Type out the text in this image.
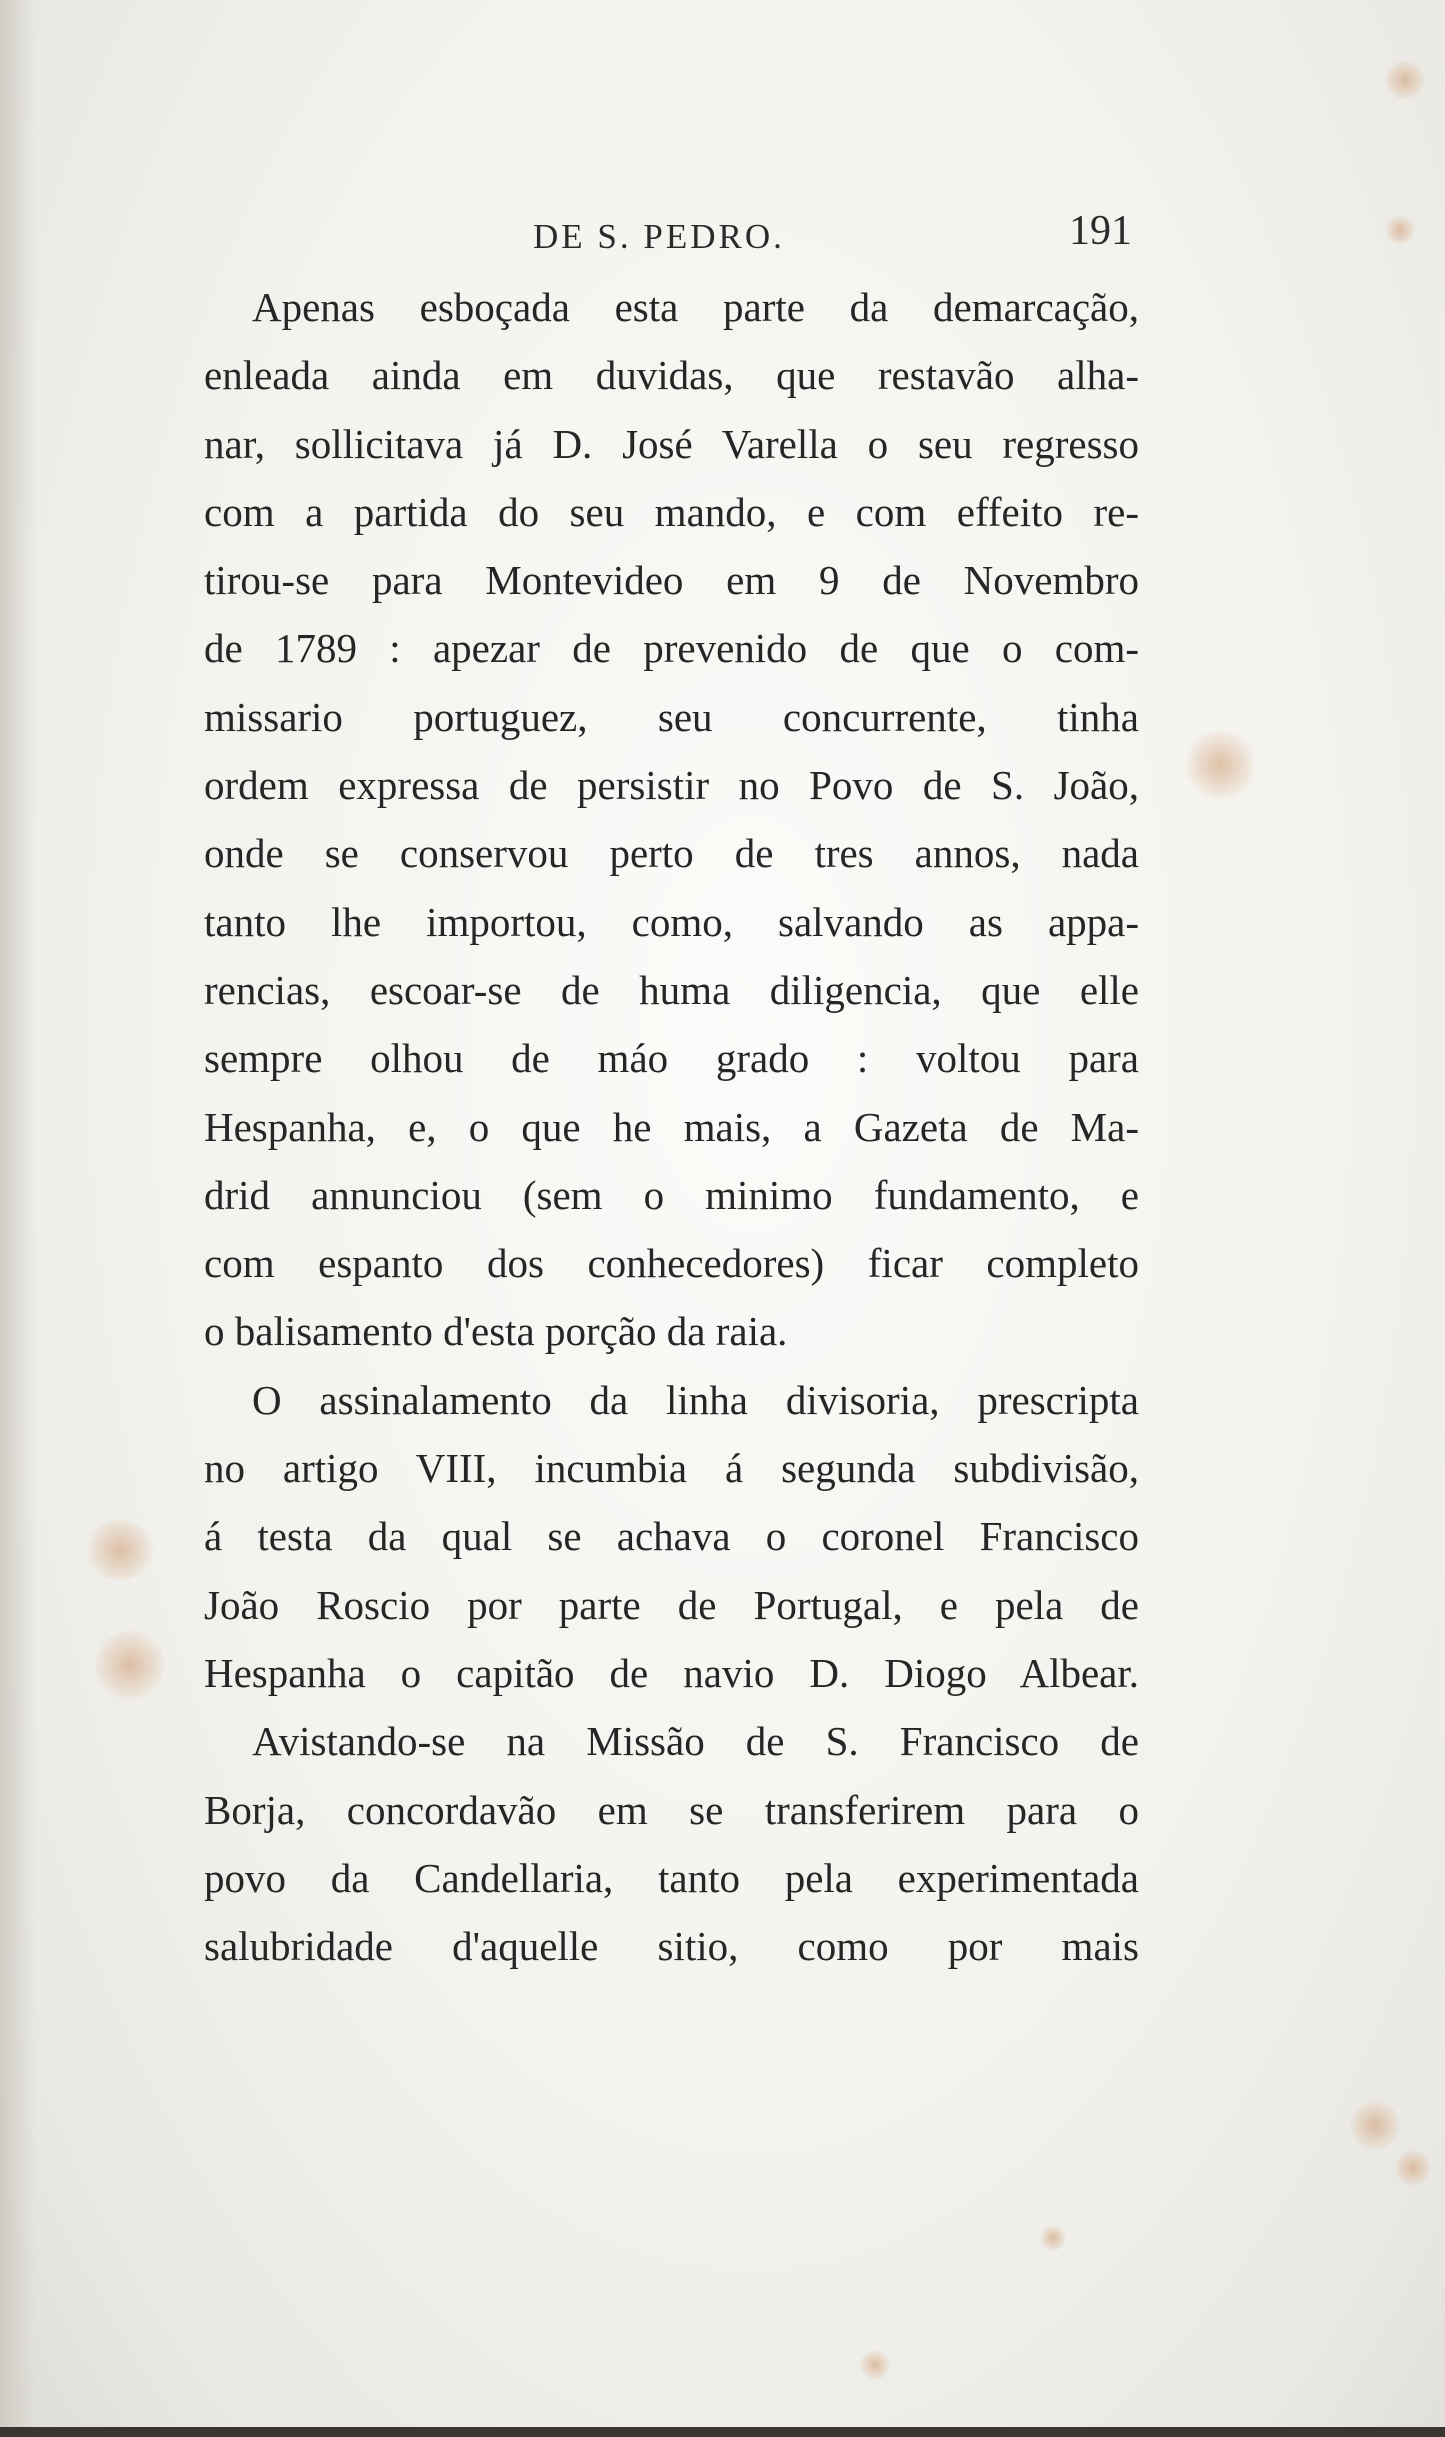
DE S. PEDRO.	191
Apenas esboçada esta parte da demarcação,
enleada ainda em duvidas, que restavão alha-
nar, sollicitava já D. José Varella o seu regresso
com a partida do seu mando, e com effeito re-
tirou-se para Montevideo em 9 de Novembro
de 1789 : apezar de prevenido de que o com-
missario portuguez, seu concurrente, tinha
ordem expressa de persistir no Povo de S. João,
onde se conservou perto de tres annos, nada
tanto lhe importou, como, salvando as appa-
rencias, escoar-se de huma diligencia, que elle
sempre olhou de máo grado : voltou para
Hespanha, e, o que he mais, a Gazeta de Ma-
drid annunciou (sem o minimo fundamento, e
com espanto dos conhecedores) ficar completo
o balisamento d'esta porção da raia.
O assinalamento da linha divisoria, prescripta
no artigo VIII, incumbia á segunda subdivisão,
á testa da qual se achava o coronel Francisco
João Roscio por parte de Portugal, e pela de
Hespanha o capitão de navio D. Diogo Albear.
Avistando-se na Missão de S. Francisco de
Borja, concordavão em se transferirem para o
povo da Candellaria, tanto pela experimentada
salubridade d'aquelle sitio, como por mais
